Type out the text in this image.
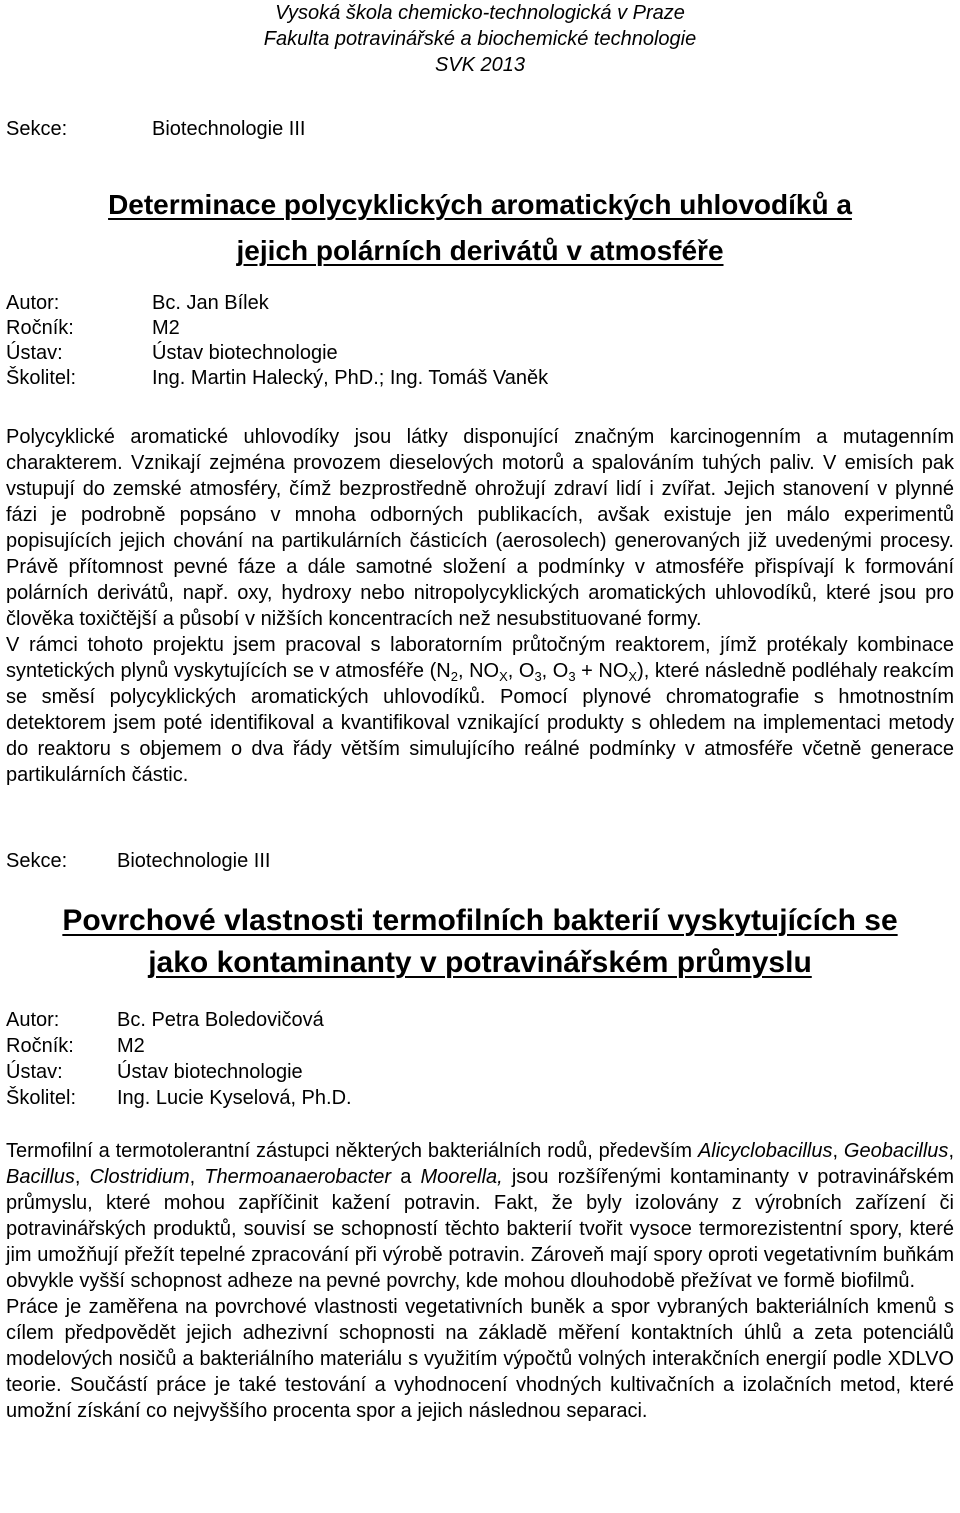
Vysoká škola chemicko-technologická v Praze
Fakulta potravinářské a biochemické technologie
SVK 2013
Sekce:	Biotechnologie III
Determinace polycyklických aromatických uhlovodíků a
jejich polárních derivátů v atmosféře
Autor:	Bc. Jan Bílek
Ročník:	M2
Ústav:	Ústav biotechnologie
Školitel:	Ing. Martin Halecký, PhD.; Ing. Tomáš Vaněk

Polycyklické aromatické uhlovodíky jsou látky disponující značným karcinogenním a mutagenním charakterem. Vznikají zejména provozem dieselových motorů a spalováním tuhých paliv. V emisích pak vstupují do zemské atmosféry, čímž bezprostředně ohrožují zdraví lidí i zvířat. Jejich stanovení v plynné fázi je podrobně popsáno v mnoha odborných publikacích, avšak existuje jen málo experimentů popisujících jejich chování na partikulárních částicích (aerosolech) generovaných již uvedenými procesy. Právě přítomnost pevné fáze a dále samotné složení a podmínky v atmosféře přispívají k formování polárních derivátů, např. oxy, hydroxy nebo nitropolycyklických aromatických uhlovodíků, které jsou pro člověka toxičtější a působí v nižších koncentracích než nesubstituované formy.

V rámci tohoto projektu jsem pracoval s laboratorním průtočným reaktorem, jímž protékaly kombinace syntetických plynů vyskytujících se v atmosféře ($N_2$, $NO_X$, $O_3$, $O_3 + NO_X$), které následně podléhaly reakcím se směsí polycyklických aromatických uhlovodíků. Pomocí plynové chromatografie s hmotnostním detektorem jsem poté identifikoval a kvantifikoval vznikající produkty s ohledem na implementaci metody do reaktoru s objemem o dva řády větším simulujícího reálné podmínky v atmosféře včetně generace partikulárních částic.

Sekce:	Biotechnologie III
Povrchové vlastnosti termofilních bakterií vyskytujících se
jako kontaminanty v potravinářském průmyslu
Autor:	Bc. Petra Boledovičová
Ročník:	M2
Ústav:	Ústav biotechnologie
Školitel:	Ing. Lucie Kyselová, Ph.D.

Termofilní a termotolerantní zástupci některých bakteriálních rodů, především Alicyclobacillus, Geobacillus, Bacillus, Clostridium, Thermoanaerobacter a Moorella, jsou rozšířenými kontaminanty v potravinářském průmyslu, které mohou zapříčinit kažení potravin. Fakt, že byly izolovány z výrobních zařízení či potravinářských produktů, souvisí se schopností těchto bakterií tvořit vysoce termorezistentní spory, které jim umožňují přežít tepelné zpracování při výrobě potravin. Zároveň mají spory oproti vegetativním buňkám obvykle vyšší schopnost adheze na pevné povrchy, kde mohou dlouhodobě přežívat ve formě biofilmů.

Práce je zaměřena na povrchové vlastnosti vegetativních buněk a spor vybraných bakteriálních kmenů s cílem předpovědět jejich adhezivní schopnosti na základě měření kontaktních úhlů a zeta potenciálů modelových nosičů a bakteriálního materiálu s využitím výpočtů volných interakčních energií podle XDLVO teorie. Součástí práce je také testování a vyhodnocení vhodných kultivačních a izolačních metod, které umožní získání co nejvyššího procenta spor a jejich následnou separaci.
